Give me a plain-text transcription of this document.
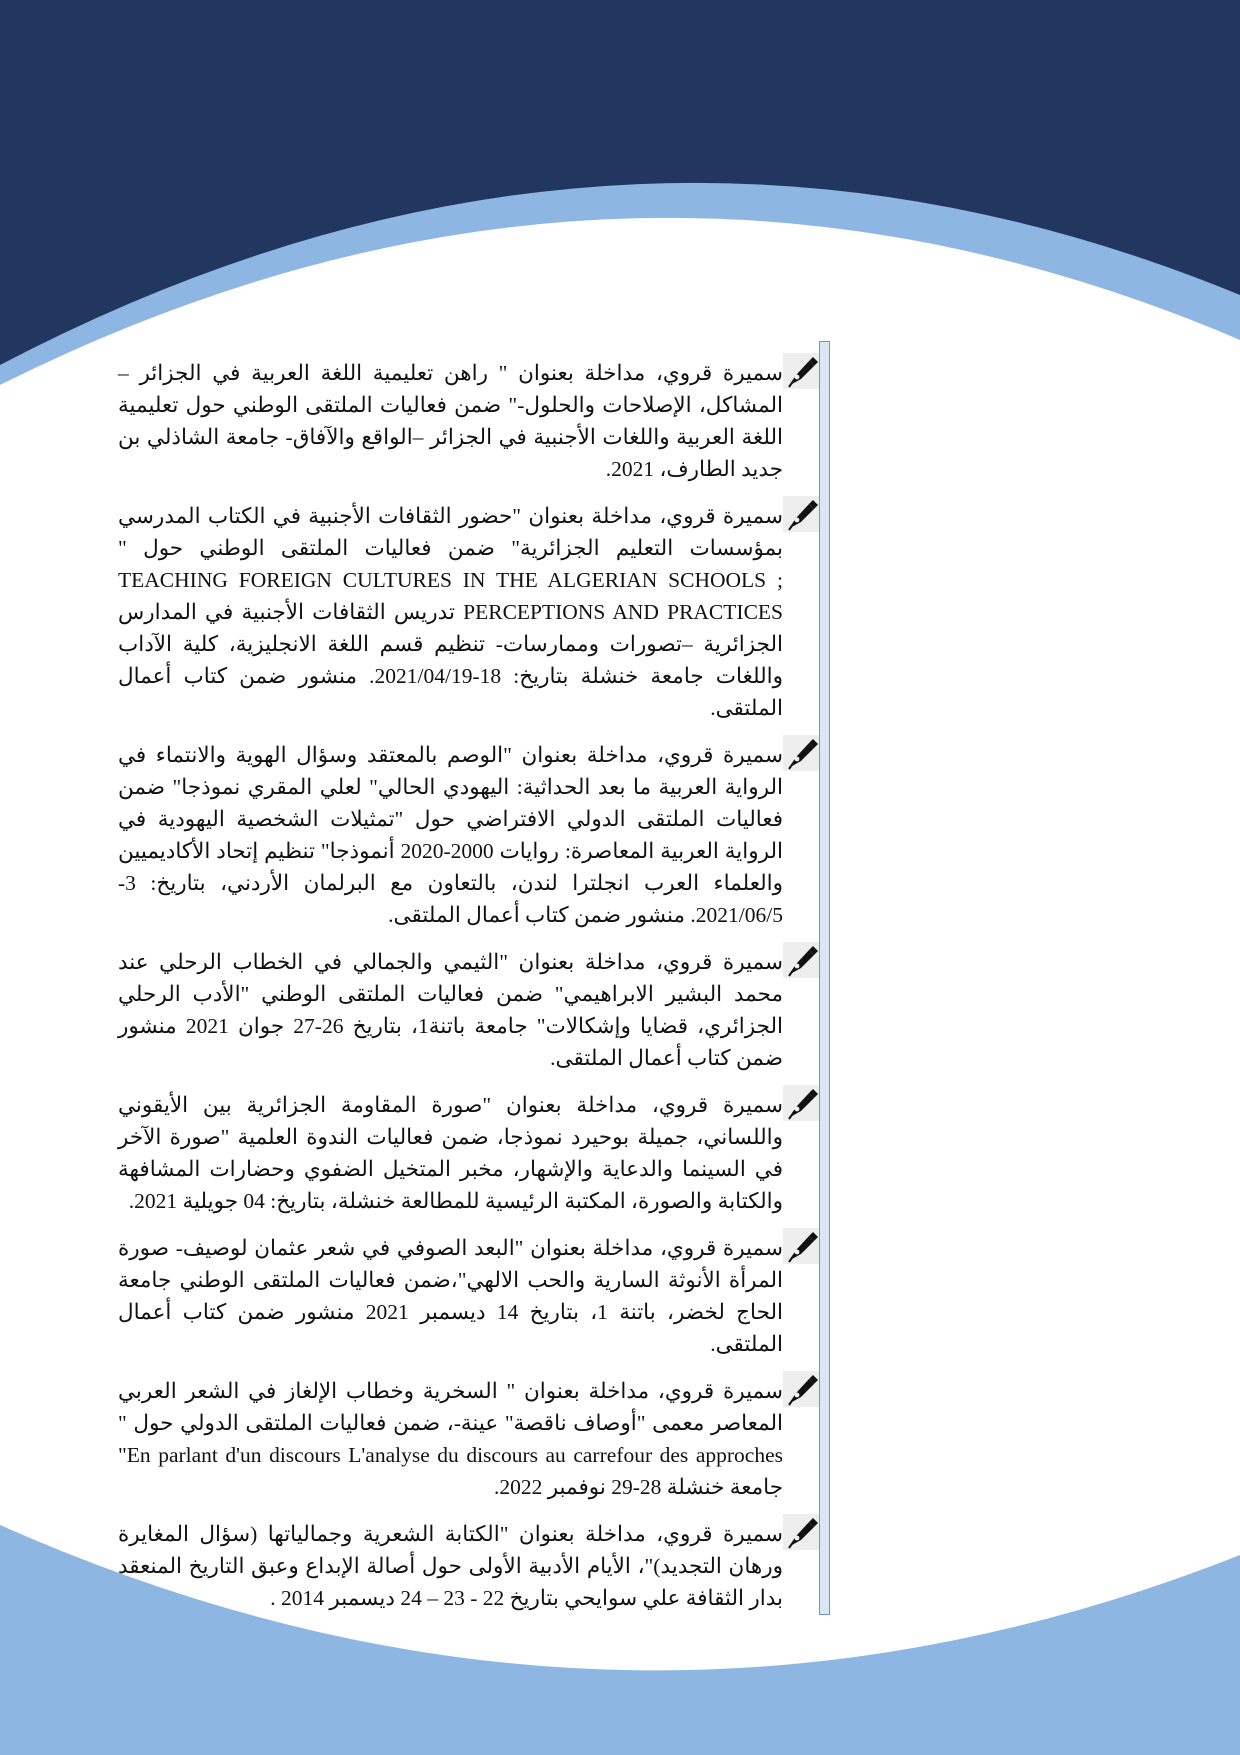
سميرة قروي، مداخلة بعنوان " راهن تعليمية اللغة العربية في الجزائر –المشاكل، الإصلاحات والحلول-" ضمن فعاليات الملتقى الوطني حول تعليمية اللغة العربية واللغات الأجنبية في الجزائر –الواقع والآفاق- جامعة الشاذلي بن جديد الطارف، 2021.

سميرة قروي، مداخلة بعنوان "حضور الثقافات الأجنبية في الكتاب المدرسي بمؤسسات التعليم الجزائرية" ضمن فعاليات الملتقى الوطني حول " TEACHING FOREIGN CULTURES IN THE ALGERIAN SCHOOLS ; PERCEPTIONS AND PRACTICES تدريس الثقافات الأجنبية في المدارس الجزائرية –تصورات وممارسات- تنظيم قسم اللغة الانجليزية، كلية الآداب واللغات جامعة خنشلة بتاريخ: 18-2021/04/19. منشور ضمن كتاب أعمال الملتقى.

سميرة قروي، مداخلة بعنوان "الوصم بالمعتقد وسؤال الهوية والانتماء في الرواية العربية ما بعد الحداثية: اليهودي الحالي" لعلي المقري نموذجا" ضمن فعاليات الملتقى الدولي الافتراضي حول "تمثيلات الشخصية اليهودية في الرواية العربية المعاصرة: روايات 2000-2020 أنموذجا" تنظيم إتحاد الأكاديميين والعلماء العرب انجلترا لندن، بالتعاون مع البرلمان الأردني، بتاريخ: 3-2021/06/5. منشور ضمن كتاب أعمال الملتقى.

سميرة قروي، مداخلة بعنوان "الثيمي والجمالي في الخطاب الرحلي عند محمد البشير الابراهيمي" ضمن فعاليات الملتقى الوطني "الأدب الرحلي الجزائري، قضايا وإشكالات" جامعة باتنة1، بتاريخ 26-27 جوان 2021 منشور ضمن كتاب أعمال الملتقى.

سميرة قروي، مداخلة بعنوان "صورة المقاومة الجزائرية بين الأيقوني واللساني، جميلة بوحيرد نموذجا، ضمن فعاليات الندوة العلمية "صورة الآخر في السينما والدعاية والإشهار، مخبر المتخيل الضفوي وحضارات المشافهة والكتابة والصورة، المكتبة الرئيسية للمطالعة خنشلة، بتاريخ: 04 جويلية 2021.

سميرة قروي، مداخلة بعنوان "البعد الصوفي في شعر عثمان لوصيف- صورة المرأة الأنوثة السارية والحب الالهي"،ضمن فعاليات الملتقى الوطني جامعة الحاج لخضر، باتنة 1، بتاريخ 14 ديسمبر 2021 منشور ضمن كتاب أعمال الملتقى.

سميرة قروي، مداخلة بعنوان " السخرية وخطاب الإلغاز في الشعر العربي المعاصر معمى "أوصاف ناقصة" عينة-، ضمن فعاليات الملتقى الدولي حول " En parlant d'un discours L'analyse du discours au carrefour des approches" جامعة خنشلة 28-29 نوفمبر 2022.

سميرة قروي، مداخلة بعنوان "الكتابة الشعرية وجمالياتها (سؤال المغايرة ورهان التجديد)"، الأيام الأدبية الأولى حول أصالة الإبداع وعبق التاريخ المنعقد بدار الثقافة علي سوايحي بتاريخ 22 - 23 – 24 ديسمبر 2014 .
